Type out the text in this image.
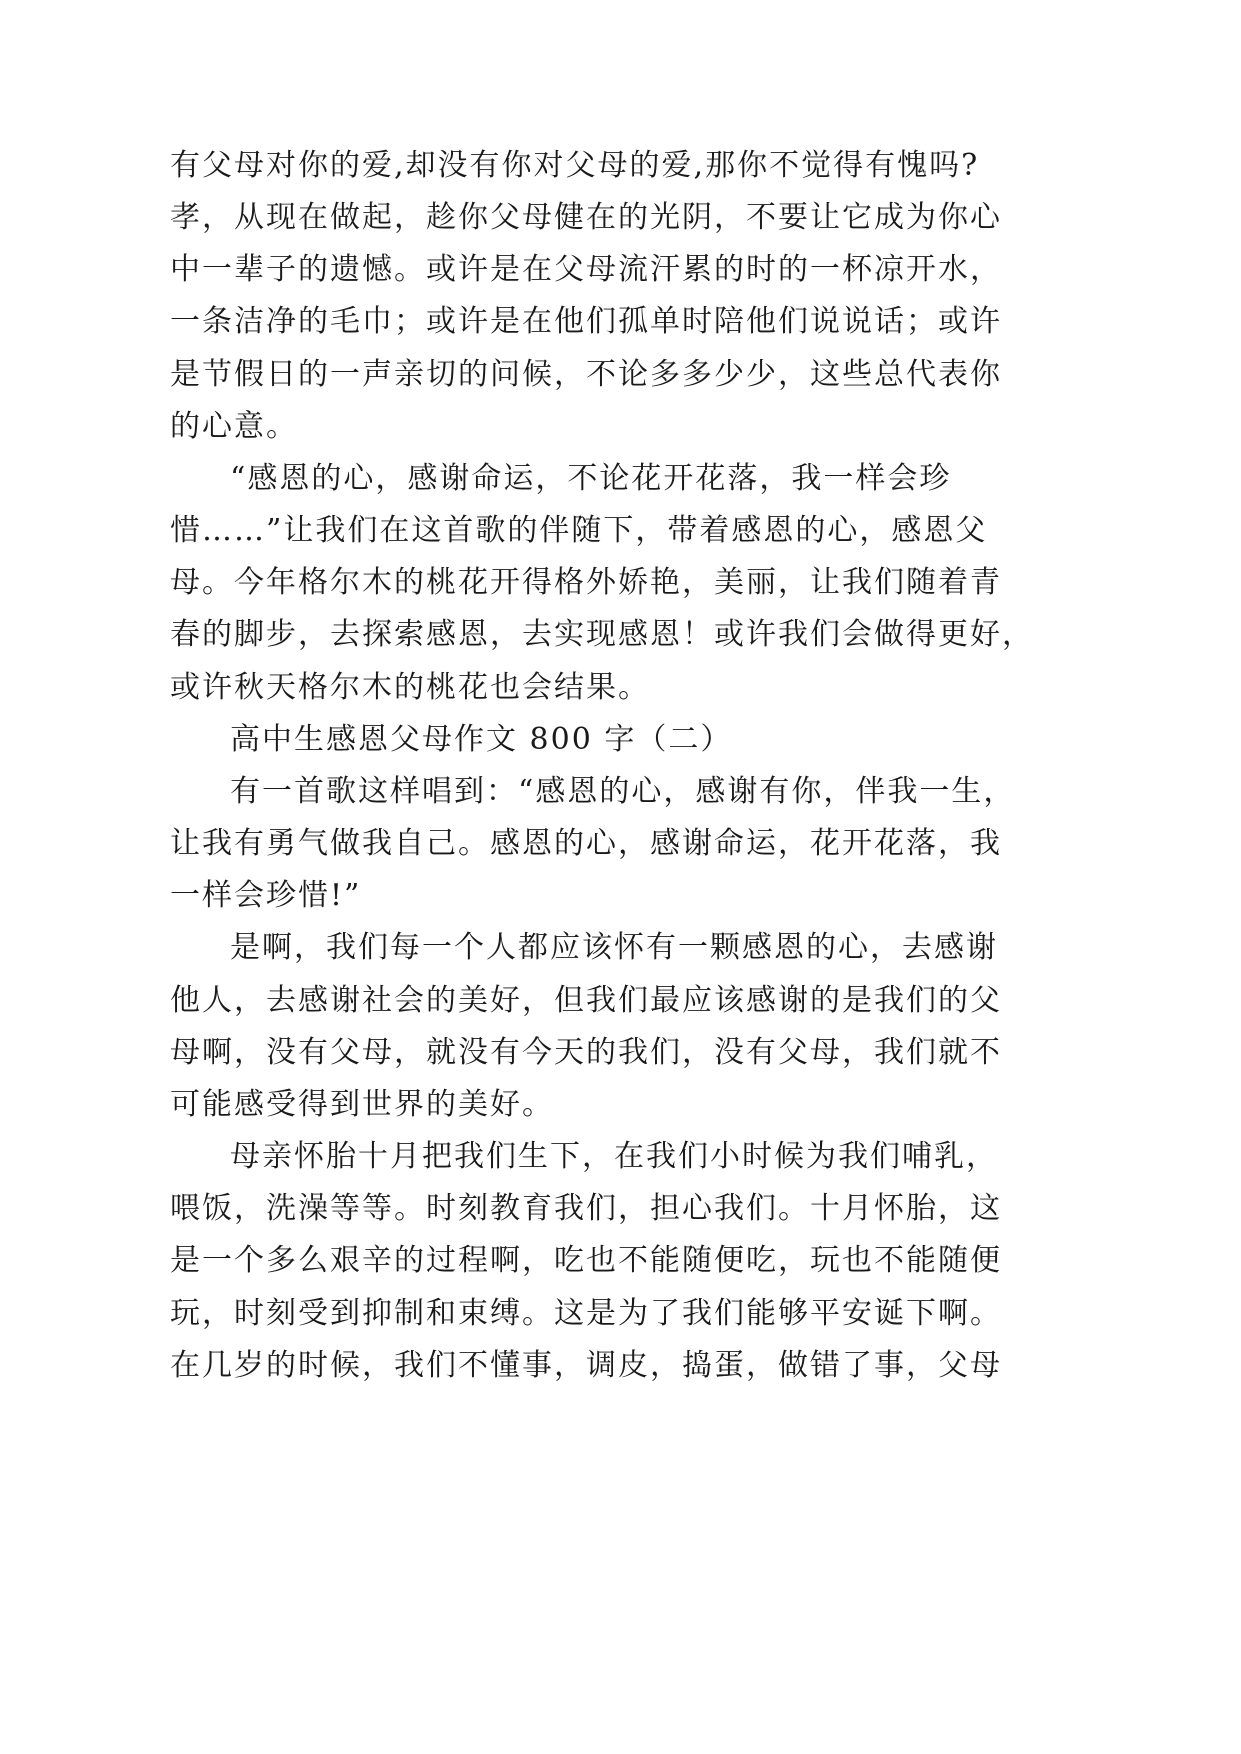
有父母对你的爱,却没有你对父母的爱,那你不觉得有愧吗?
孝，从现在做起，趁你父母健在的光阴，不要让它成为你心
中一辈子的遗憾。或许是在父母流汗累的时的一杯凉开水，
一条洁净的毛巾；或许是在他们孤单时陪他们说说话；或许
是节假日的一声亲切的问候，不论多多少少，这些总代表你
的心意。
“感恩的心，感谢命运，不论花开花落，我一样会珍
惜……”让我们在这首歌的伴随下，带着感恩的心，感恩父
母。今年格尔木的桃花开得格外娇艳，美丽，让我们随着青
春的脚步，去探索感恩，去实现感恩！或许我们会做得更好，
或许秋天格尔木的桃花也会结果。
高中生感恩父母作文 800 字（二）
有一首歌这样唱到：“感恩的心，感谢有你，伴我一生，
让我有勇气做我自己。感恩的心，感谢命运，花开花落，我
一样会珍惜!”
是啊，我们每一个人都应该怀有一颗感恩的心，去感谢
他人，去感谢社会的美好，但我们最应该感谢的是我们的父
母啊，没有父母，就没有今天的我们，没有父母，我们就不
可能感受得到世界的美好。
母亲怀胎十月把我们生下，在我们小时候为我们哺乳，
喂饭，洗澡等等。时刻教育我们，担心我们。十月怀胎，这
是一个多么艰辛的过程啊，吃也不能随便吃，玩也不能随便
玩，时刻受到抑制和束缚。这是为了我们能够平安诞下啊。
在几岁的时候，我们不懂事，调皮，捣蛋，做错了事，父母
